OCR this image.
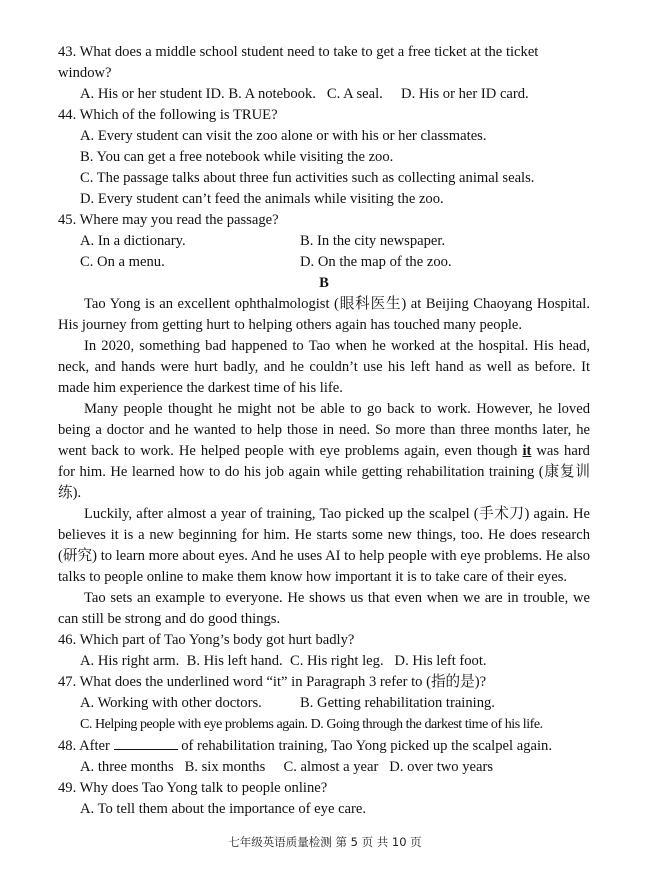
43. What does a middle school student need to take to get a free ticket at the ticket window?

A. His or her student ID. B. A notebook.   C. A seal.     D. His or her ID card.

44. Which of the following is TRUE?

A. Every student can visit the zoo alone or with his or her classmates.

B. You can get a free notebook while visiting the zoo.

C. The passage talks about three fun activities such as collecting animal seals.

D. Every student can’t feed the animals while visiting the zoo.

45. Where may you read the passage?

A. In a dictionary.	B. In the city newspaper.
C. On a menu.	D. On the map of the zoo.

B

Tao Yong is an excellent ophthalmologist (眼科医生) at Beijing Chaoyang Hospital. His journey from getting hurt to helping others again has touched many people.

In 2020, something bad happened to Tao when he worked at the hospital. His head, neck, and hands were hurt badly, and he couldn’t use his left hand as well as before. It made him experience the darkest time of his life.

Many people thought he might not be able to go back to work. However, he loved being a doctor and he wanted to help those in need. So more than three months later, he went back to work. He helped people with eye problems again, even though it was hard for him. He learned how to do his job again while getting rehabilitation training (康复训练).

Luckily, after almost a year of training, Tao picked up the scalpel (手术刀) again. He believes it is a new beginning for him. He starts some new things, too. He does research (研究) to learn more about eyes. And he uses AI to help people with eye problems. He also talks to people online to make them know how important it is to take care of their eyes.

Tao sets an example to everyone. He shows us that even when we are in trouble, we can still be strong and do good things.

46. Which part of Tao Yong’s body got hurt badly?

A. His right arm.  B. His left hand.  C. His right leg.   D. His left foot.

47. What does the underlined word “it” in Paragraph 3 refer to (指的是)?

A. Working with other doctors.	B. Getting rehabilitation training.

C. Helping people with eye problems again. D. Going through the darkest time of his life.

48. After	of rehabilitation training, Tao Yong picked up the scalpel again.

A. three months   B. six months     C. almost a year   D. over two years

49. Why does Tao Yong talk to people online?

A. To tell them about the importance of eye care.

七年级英语质量检测 第 5 页 共 10 页
